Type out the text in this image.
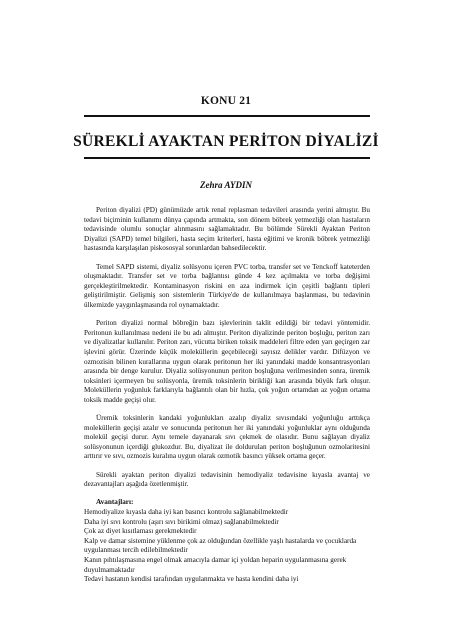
KONU 21
SÜREKLİ AYAKTAN PERİTON DİYALİZİ
Zehra AYDIN

Periton diyalizi (PD) günümüzde artık renal replasman tedavileri arasında yerini almıştır. Bu tedavi biçiminin kullanımı dünya çapında artmakta, son dönem böbrek yetmezliği olan hastaların tedavisinde olumlu sonuçlar alınmasını sağlamaktadır. Bu bölümde Sürekli Ayaktan Periton Diyalizi (SAPD) temel bilgileri, hasta seçim kriterleri, hasta eğitimi ve kronik böbrek yetmezliği hastasında karşılaşılan piskososyal sorunlardan bahsedilecektir.

Temel SAPD sistemi, diyaliz solüsyonu içeren PVC torba, transfer set ve Tenckoff kateterden oluşmaktadır. Transfer set ve torba bağlantısı günde 4 kez açılmakta ve torba değişimi gerçekleştirilmektedir. Kontaminasyon riskini en aza indirmek için çeşitli bağlantı tipleri geliştirilmiştir. Gelişmiş son sistemlerin Türkiye'de de kullanılmaya başlanması, bu tedavinin ülkemizde yaygınlaşmasında rol oynamaktadır.

Periton diyalizi normal böbreğin bazı işlevlerinin taklit edildiği bir tedavi yöntemidir. Peritonun kullanılması nedeni ile bu adı almıştır. Periton diyalizinde periton boşluğu, periton zarı ve diyalizatlar kullanılır. Periton zarı, vücutta biriken toksik maddeleri filtre eden yarı geçirgen zar işlevini görür. Üzerinde küçük moleküllerin geçebileceği sayısız delikler vardır. Difüzyon ve ozmozisin bilinen kurallarına uygun olarak peritonun her iki yanındaki madde konsantrasyonları arasında bir denge kurulur. Diyaliz solüsyonunun periton boşluğuna verilmesinden sonra, üremik toksinleri içermeyen bu solüsyonla, üremik toksinlerin birikliği kan arasında büyük fark oluşur. Moleküllerin yoğunluk farklarıyla bağlantılı olan bir hızla, çok yoğun ortamdan az yoğun ortama toksik madde geçişi olur.

Üremik toksinlerin kandaki yoğunlukları azalıp diyaliz sıvısındaki yoğunluğu arttıkça moleküllerin geçişi azalır ve sonucunda peritonun her iki yanındaki yoğunluklar aynı olduğunda molekül geçişi durur. Aynı temele dayanarak sıvı çekmek de olasıdır. Bunu sağlayan diyaliz solüsyonunun içerdiği glukozdur. Bu, diyalizat ile doldurulan periton boşluğunun ozmolaritesini arttırır ve sıvı, ozmozis kuralına uygun olarak ozmotik basıncı yüksek ortama geçer.

Sürekli ayaktan periton diyalizi tedavisinin hemodiyaliz tedavisine kıyasla avantaj ve dezavantajları aşağıda özetlenmiştir.

Avantajları:
Hemodiyalize kıyasla daha iyi kan basıncı kontrolu sağlanabilmektedir
Daha iyi sıvı kontrolu (aşırı sıvı birikimi olmaz) sağlanabilmektedir
Çok az diyet kısıtlaması gerekmektedir
Kalp ve damar sistemine yüklenme çok az olduğundan özellikle yaşlı hastalarda ve çocuklarda uygulanması tercih edilebilmektedir
Kanın pıhtılaşmasına engel olmak amacıyla damar içi yoldan heparin uygulanmasına gerek duyulmamaktadır
Tedavi hastanın kendisi tarafından uygulanmakta ve hasta kendini daha iyi
